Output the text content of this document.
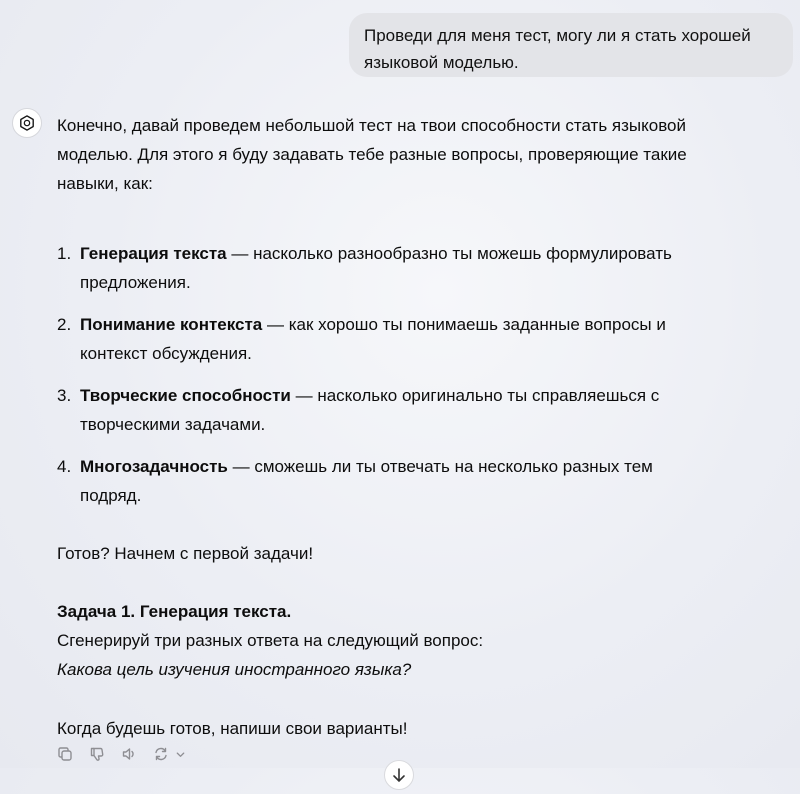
Проведи для меня тест, могу ли я стать хорошей языковой моделью.
Конечно, давай проведем небольшой тест на твои способности стать языковой
моделью. Для этого я буду задавать тебе разные вопросы, проверяющие такие
навыки, как:
1. Генерация текста — насколько разнообразно ты можешь формулировать
предложения.
2. Понимание контекста — как хорошо ты понимаешь заданные вопросы и
контекст обсуждения.
3. Творческие способности — насколько оригинально ты справляешься с
творческими задачами.
4. Многозадачность — сможешь ли ты отвечать на несколько разных тем
подряд.
Готов? Начнем с первой задачи!
Задача 1. Генерация текста.
Сгенерируй три разных ответа на следующий вопрос:
Какова цель изучения иностранного языка?
Когда будешь готов, напиши свои варианты!
